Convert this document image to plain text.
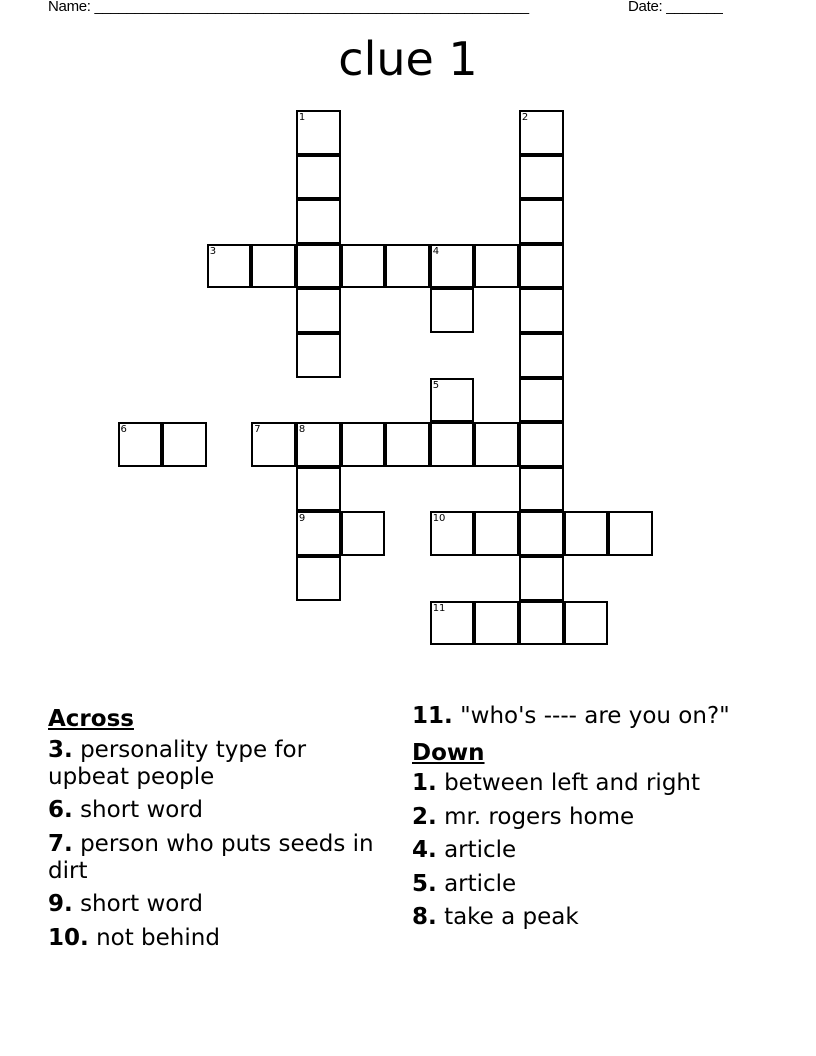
Name: ______________________________________________________	Date: _______
clue 1
1	2
3	4
5
6	7	8
9	10
11
Across
3. personality type for upbeat people
6. short word
7. person who puts seeds in dirt
9. short word
10. not behind
11. "who's ---- are you on?"
Down
1. between left and right
2. mr. rogers home
4. article
5. article
8. take a peak
